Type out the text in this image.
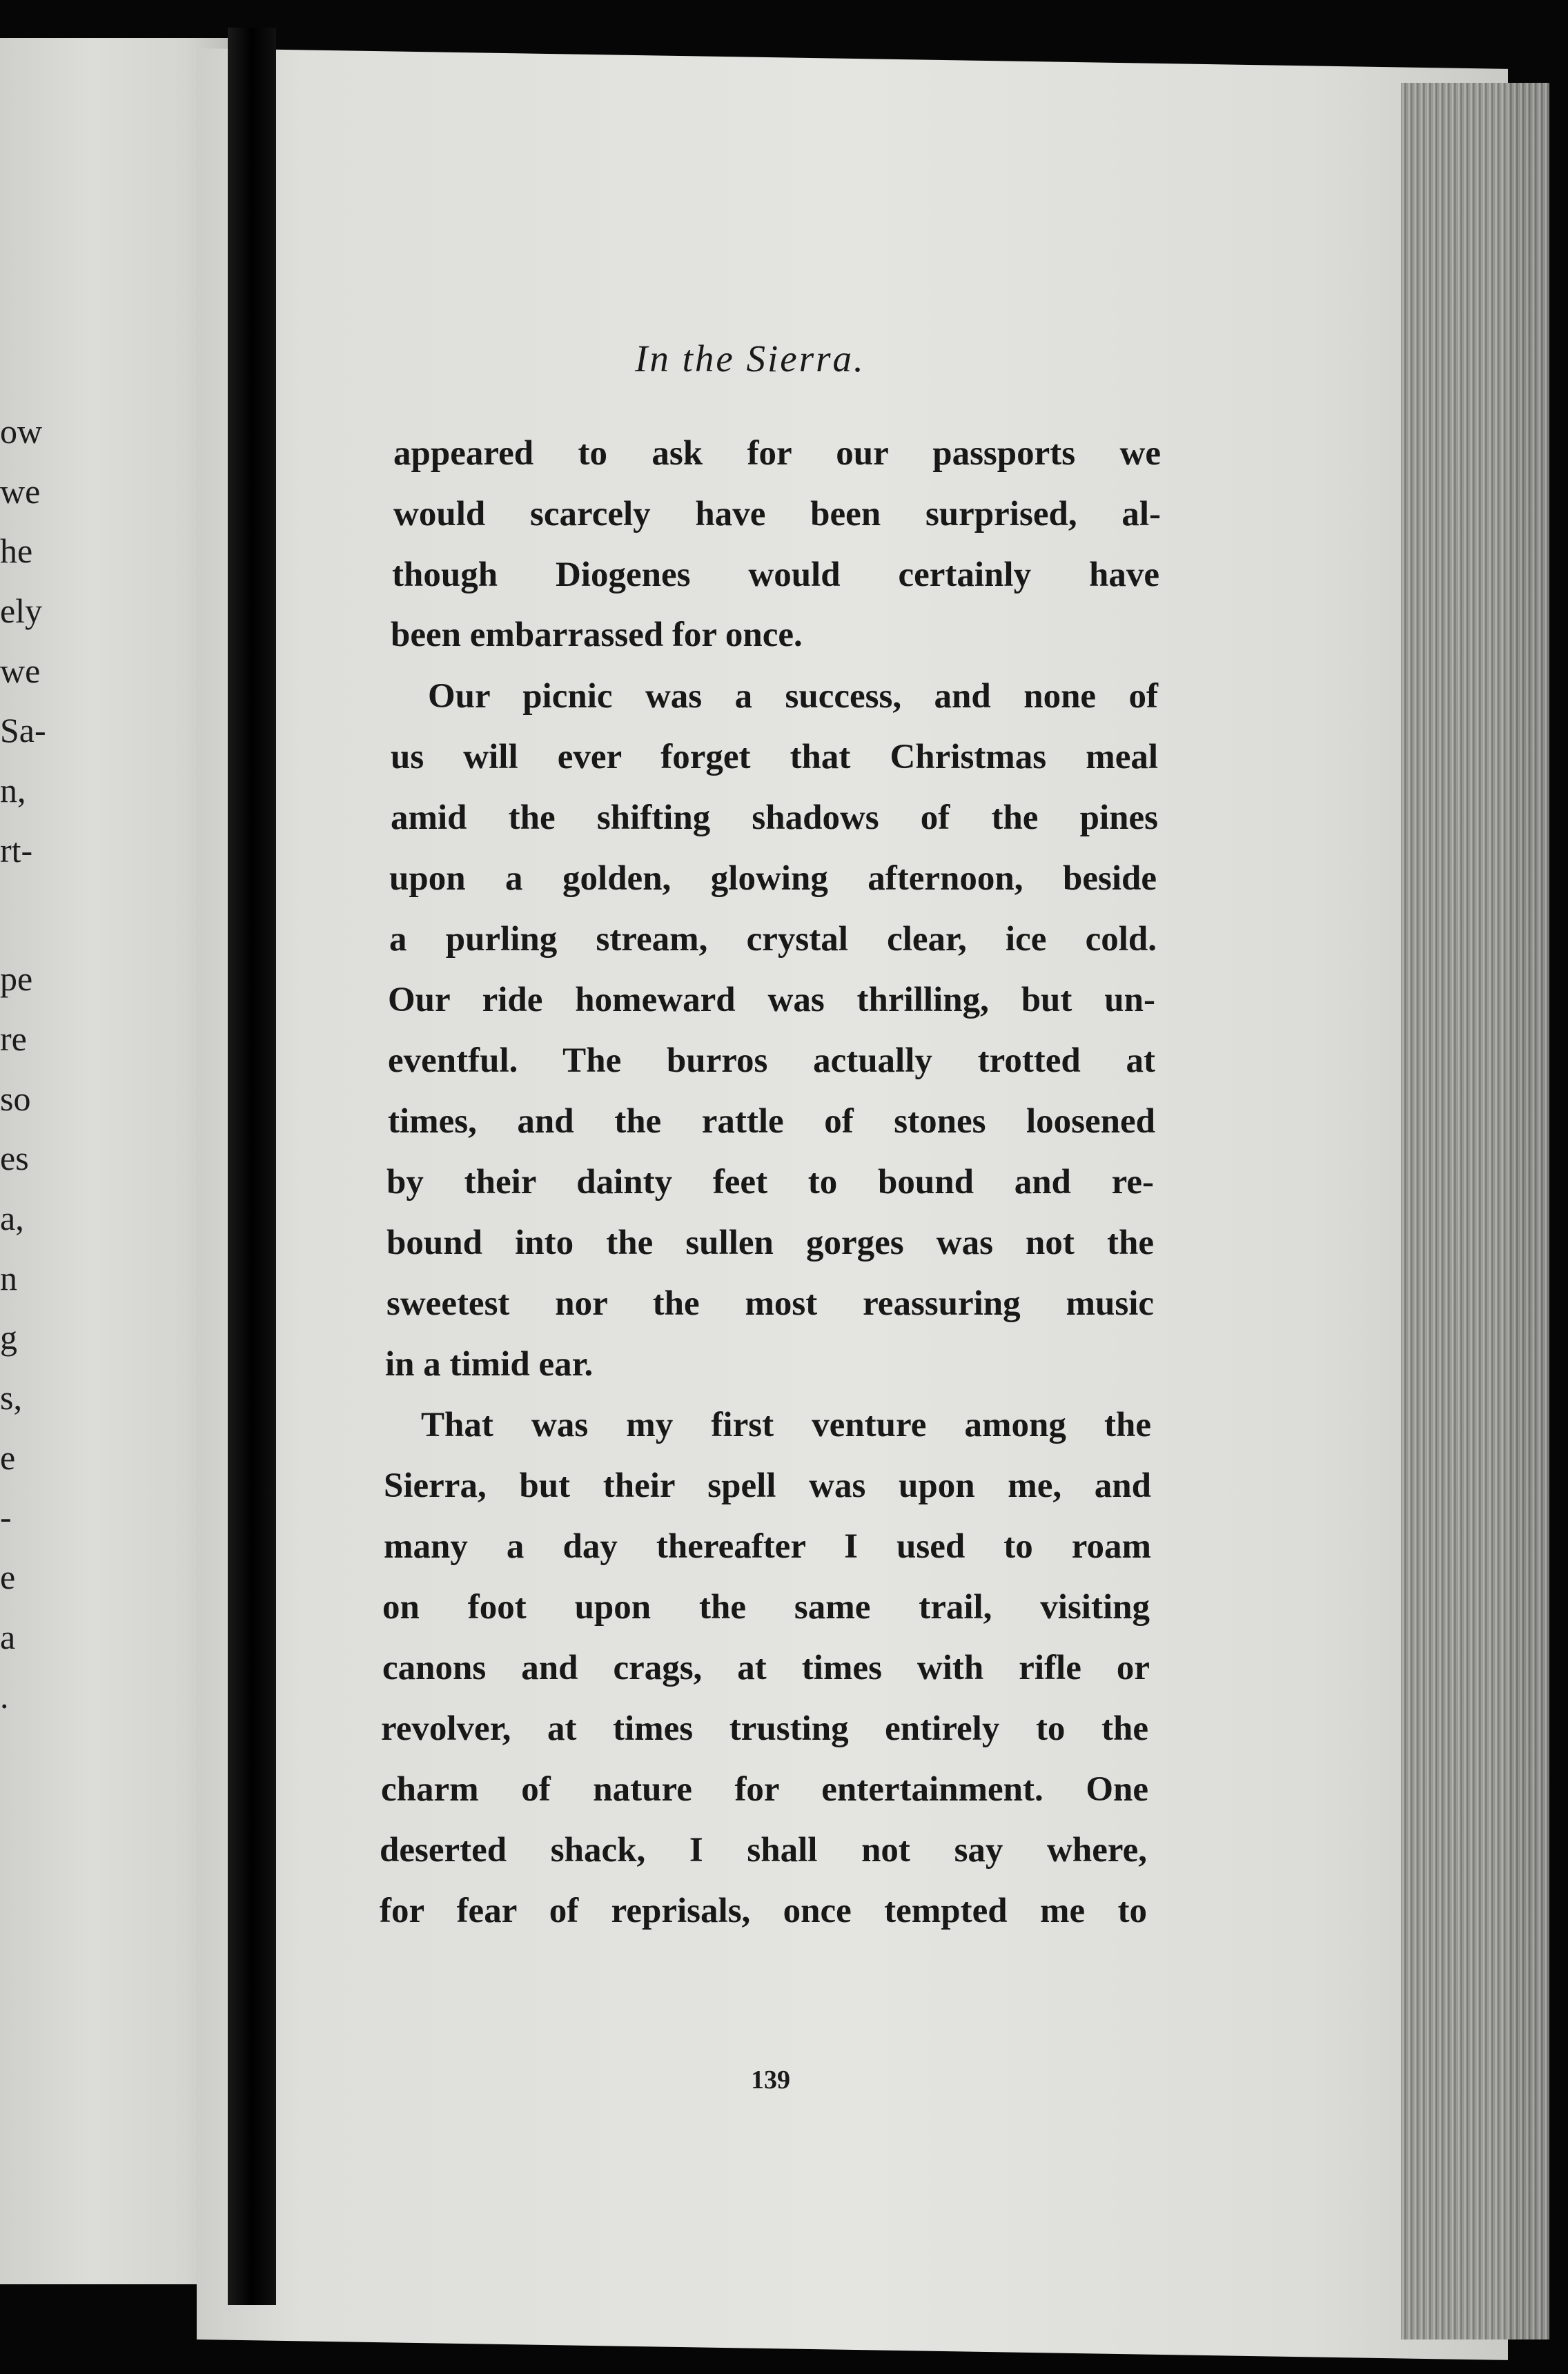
ow
we
he
ely
we
Sa-
n,
rt-
pe
re
so
es
a,
n
g
s,
e
-
e
a
.
In the Sierra.
appeared to ask for our passports we
would scarcely have been surprised, al-
though Diogenes would certainly have
been embarrassed for once.
Our picnic was a success, and none of
us will ever forget that Christmas meal
amid the shifting shadows of the pines
upon a golden, glowing afternoon, beside
a purling stream, crystal clear, ice cold.
Our ride homeward was thrilling, but un-
eventful. The burros actually trotted at
times, and the rattle of stones loosened
by their dainty feet to bound and re-
bound into the sullen gorges was not the
sweetest nor the most reassuring music
in a timid ear.
That was my first venture among the
Sierra, but their spell was upon me, and
many a day thereafter I used to roam
on foot upon the same trail, visiting
canons and crags, at times with rifle or
revolver, at times trusting entirely to the
charm of nature for entertainment. One
deserted shack, I shall not say where,
for fear of reprisals, once tempted me to
139
